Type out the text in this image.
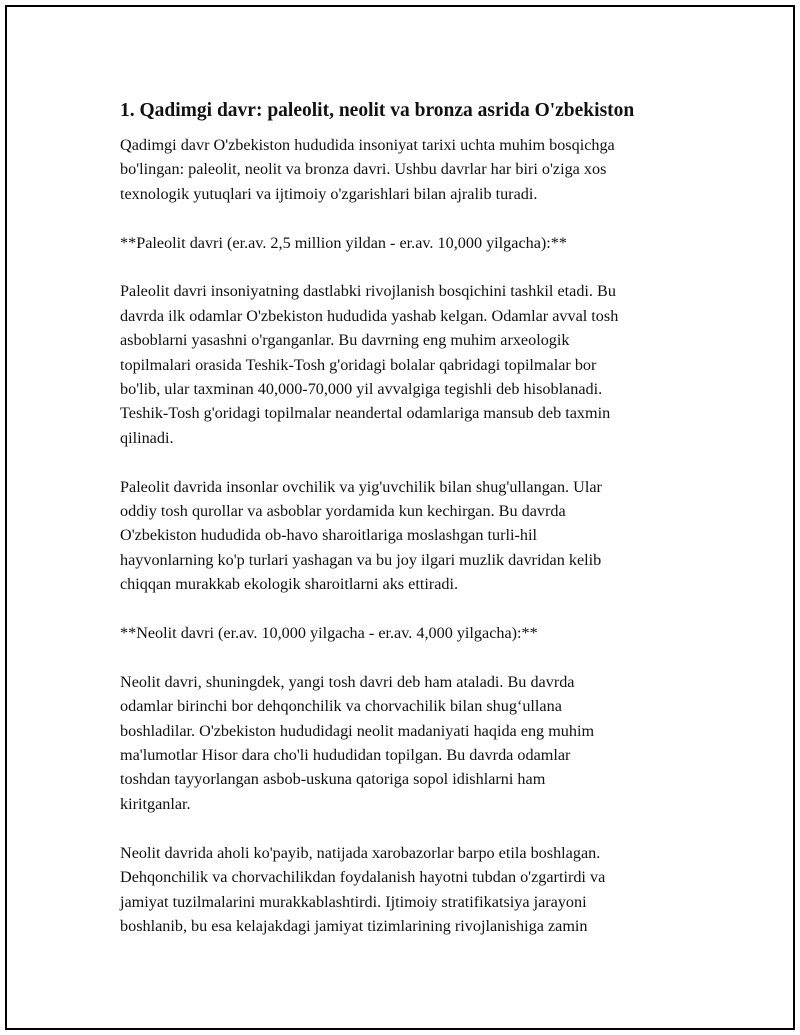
1. Qadimgi davr: paleolit, neolit va bronza asrida O'zbekiston

Qadimgi davr O'zbekiston hududida insoniyat tarixi uchta muhim bosqichga
bo'lingan: paleolit, neolit va bronza davri. Ushbu davrlar har biri o'ziga xos
texnologik yutuqlari va ijtimoiy o'zgarishlari bilan ajralib turadi.

**Paleolit davri (er.av. 2,5 million yildan - er.av. 10,000 yilgacha):**

Paleolit davri insoniyatning dastlabki rivojlanish bosqichini tashkil etadi. Bu
davrda ilk odamlar O'zbekiston hududida yashab kelgan. Odamlar avval tosh
asboblarni yasashni o'rganganlar. Bu davrning eng muhim arxeologik
topilmalari orasida Teshik-Tosh g'oridagi bolalar qabridagi topilmalar bor
bo'lib, ular taxminan 40,000-70,000 yil avvalgiga tegishli deb hisoblanadi.
Teshik-Tosh g'oridagi topilmalar neandertal odamlariga mansub deb taxmin
qilinadi.

Paleolit davrida insonlar ovchilik va yig'uvchilik bilan shug'ullangan. Ular
oddiy tosh qurollar va asboblar yordamida kun kechirgan. Bu davrda
O'zbekiston hududida ob-havo sharoitlariga moslashgan turli-hil
hayvonlarning ko'p turlari yashagan va bu joy ilgari muzlik davridan kelib
chiqqan murakkab ekologik sharoitlarni aks ettiradi.

**Neolit davri (er.av. 10,000 yilgacha - er.av. 4,000 yilgacha):**

Neolit davri, shuningdek, yangi tosh davri deb ham ataladi. Bu davrda
odamlar birinchi bor dehqonchilik va chorvachilik bilan shug‘ullana
boshladilar. O'zbekiston hududidagi neolit madaniyati haqida eng muhim
ma'lumotlar Hisor dara cho'li hududidan topilgan. Bu davrda odamlar
toshdan tayyorlangan asbob-uskuna qatoriga sopol idishlarni ham
kiritganlar.

Neolit davrida aholi ko'payib, natijada xarobazorlar barpo etila boshlagan.
Dehqonchilik va chorvachilikdan foydalanish hayotni tubdan o'zgartirdi va
jamiyat tuzilmalarini murakkablashtirdi. Ijtimoiy stratifikatsiya jarayoni
boshlanib, bu esa kelajakdagi jamiyat tizimlarining rivojlanishiga zamin
